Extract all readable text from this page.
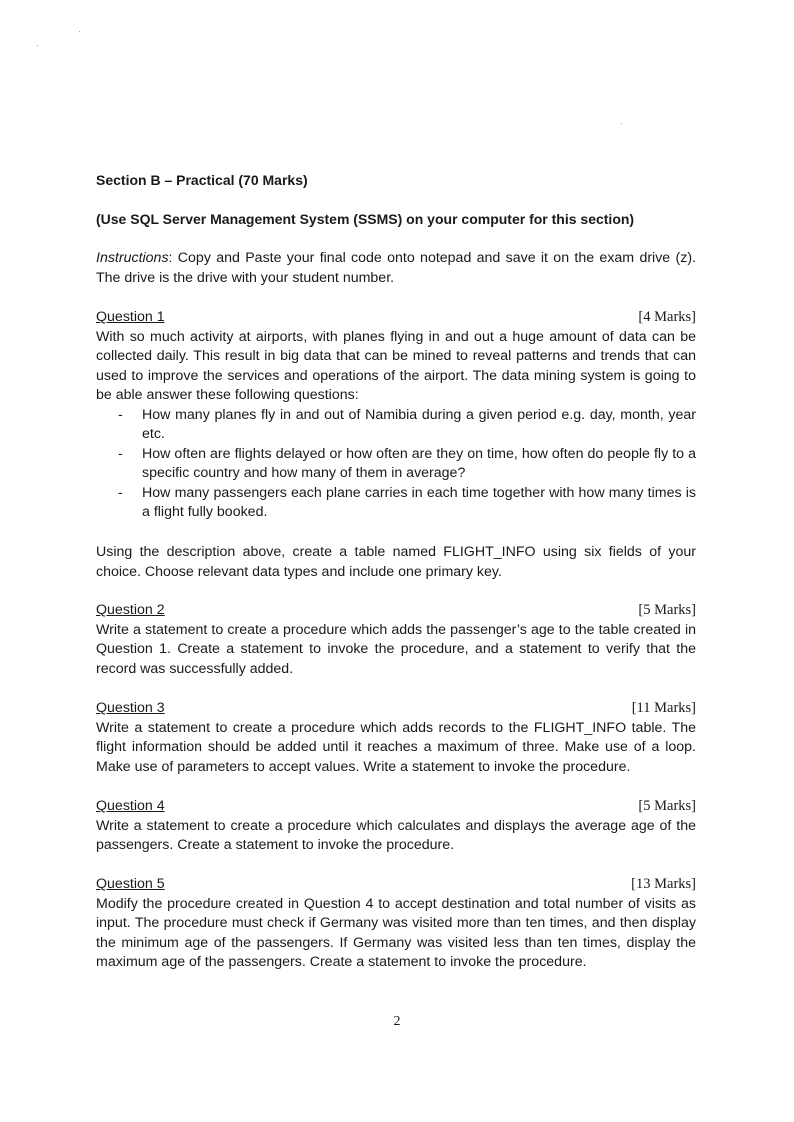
·
·
·
Section B – Practical (70 Marks)
(Use SQL Server Management System (SSMS) on your computer for this section)
Instructions: Copy and Paste your final code onto notepad and save it on the exam drive (z). The drive is the drive with your student number.
Question 1	[4 Marks]
With so much activity at airports, with planes flying in and out a huge amount of data can be collected daily. This result in big data that can be mined to reveal patterns and trends that can used to improve the services and operations of the airport. The data mining system is going to be able answer these following questions:
- How many planes fly in and out of Namibia during a given period e.g. day, month, year etc.
- How often are flights delayed or how often are they on time, how often do people fly to a specific country and how many of them in average?
- How many passengers each plane carries in each time together with how many times is a flight fully booked.
Using the description above, create a table named FLIGHT_INFO using six fields of your choice. Choose relevant data types and include one primary key.
Question 2	[5 Marks]
Write a statement to create a procedure which adds the passenger’s age to the table created in Question 1. Create a statement to invoke the procedure, and a statement to verify that the record was successfully added.
Question 3	[11 Marks]
Write a statement to create a procedure which adds records to the FLIGHT_INFO table. The flight information should be added until it reaches a maximum of three. Make use of a loop. Make use of parameters to accept values. Write a statement to invoke the procedure.
Question 4	[5 Marks]
Write a statement to create a procedure which calculates and displays the average age of the passengers. Create a statement to invoke the procedure.
Question 5	[13 Marks]
Modify the procedure created in Question 4 to accept destination and total number of visits as input. The procedure must check if Germany was visited more than ten times, and then display the minimum age of the passengers. If Germany was visited less than ten times, display the maximum age of the passengers. Create a statement to invoke the procedure.
2
